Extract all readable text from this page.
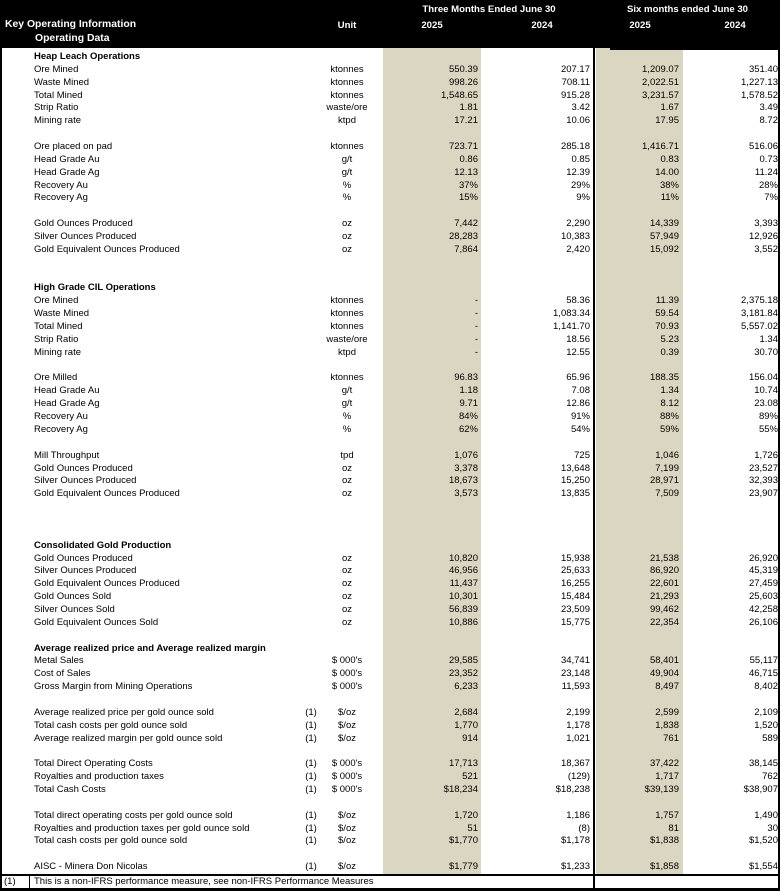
Three Months Ended June 30	Six months ended June 30
Key Operating Information	Unit	2025	2024	2025	2024
Operating Data
Heap Leach Operations
Ore Mined	ktonnes	550.39	207.17	1,209.07	351.40
Waste Mined	ktonnes	998.26	708.11	2,022.51	1,227.13
Total Mined	ktonnes	1,548.65	915.28	3,231.57	1,578.52
Strip Ratio	waste/ore	1.81	3.42	1.67	3.49
Mining rate	ktpd	17.21	10.06	17.95	8.72
Ore placed on pad	ktonnes	723.71	285.18	1,416.71	516.06
Head Grade Au	g/t	0.86	0.85	0.83	0.73
Head Grade Ag	g/t	12.13	12.39	14.00	11.24
Recovery Au	%	37%	29%	38%	28%
Recovery Ag	%	15%	9%	11%	7%
Gold Ounces Produced	oz	7,442	2,290	14,339	3,393
Silver Ounces Produced	oz	28,283	10,383	57,949	12,926
Gold Equivalent Ounces Produced	oz	7,864	2,420	15,092	3,552
High Grade CIL Operations
Ore Mined	ktonnes	-	58.36	11.39	2,375.18
Waste Mined	ktonnes	-	1,083.34	59.54	3,181.84
Total Mined	ktonnes	-	1,141.70	70.93	5,557.02
Strip Ratio	waste/ore	-	18.56	5.23	1.34
Mining rate	ktpd	-	12.55	0.39	30.70
Ore Milled	ktonnes	96.83	65.96	188.35	156.04
Head Grade Au	g/t	1.18	7.08	1.34	10.74
Head Grade Ag	g/t	9.71	12.86	8.12	23.08
Recovery Au	%	84%	91%	88%	89%
Recovery Ag	%	62%	54%	59%	55%
Mill Throughput	tpd	1,076	725	1,046	1,726
Gold Ounces Produced	oz	3,378	13,648	7,199	23,527
Silver Ounces Produced	oz	18,673	15,250	28,971	32,393
Gold Equivalent Ounces Produced	oz	3,573	13,835	7,509	23,907
Consolidated Gold Production
Gold Ounces Produced	oz	10,820	15,938	21,538	26,920
Silver Ounces Produced	oz	46,956	25,633	86,920	45,319
Gold Equivalent Ounces Produced	oz	11,437	16,255	22,601	27,459
Gold Ounces Sold	oz	10,301	15,484	21,293	25,603
Silver Ounces Sold	oz	56,839	23,509	99,462	42,258
Gold Equivalent Ounces Sold	oz	10,886	15,775	22,354	26,106
Average realized price and Average realized margin
Metal Sales	$ 000's	29,585	34,741	58,401	55,117
Cost of Sales	$ 000's	23,352	23,148	49,904	46,715
Gross Margin from Mining Operations	$ 000's	6,233	11,593	8,497	8,402
Average realized price per gold ounce sold	(1)	$/oz	2,684	2,199	2,599	2,109
Total cash costs per gold ounce sold	(1)	$/oz	1,770	1,178	1,838	1,520
Average realized margin per gold ounce sold	(1)	$/oz	914	1,021	761	589
Total Direct Operating Costs	(1)	$ 000's	17,713	18,367	37,422	38,145
Royalties and production taxes	(1)	$ 000's	521	(129)	1,717	762
Total Cash Costs	(1)	$ 000's	$18,234	$18,238	$39,139	$38,907
Total direct operating costs per gold ounce sold	(1)	$/oz	1,720	1,186	1,757	1,490
Royalties and production taxes per gold ounce sold	(1)	$/oz	51	(8)	81	30
Total cash costs per gold ounce sold	(1)	$/oz	$1,770	$1,178	$1,838	$1,520
AISC - Minera Don Nicolas	(1)	$/oz	$1,779	$1,233	$1,858	$1,554
(1) This is a non-IFRS performance measure, see non-IFRS Performance Measures
